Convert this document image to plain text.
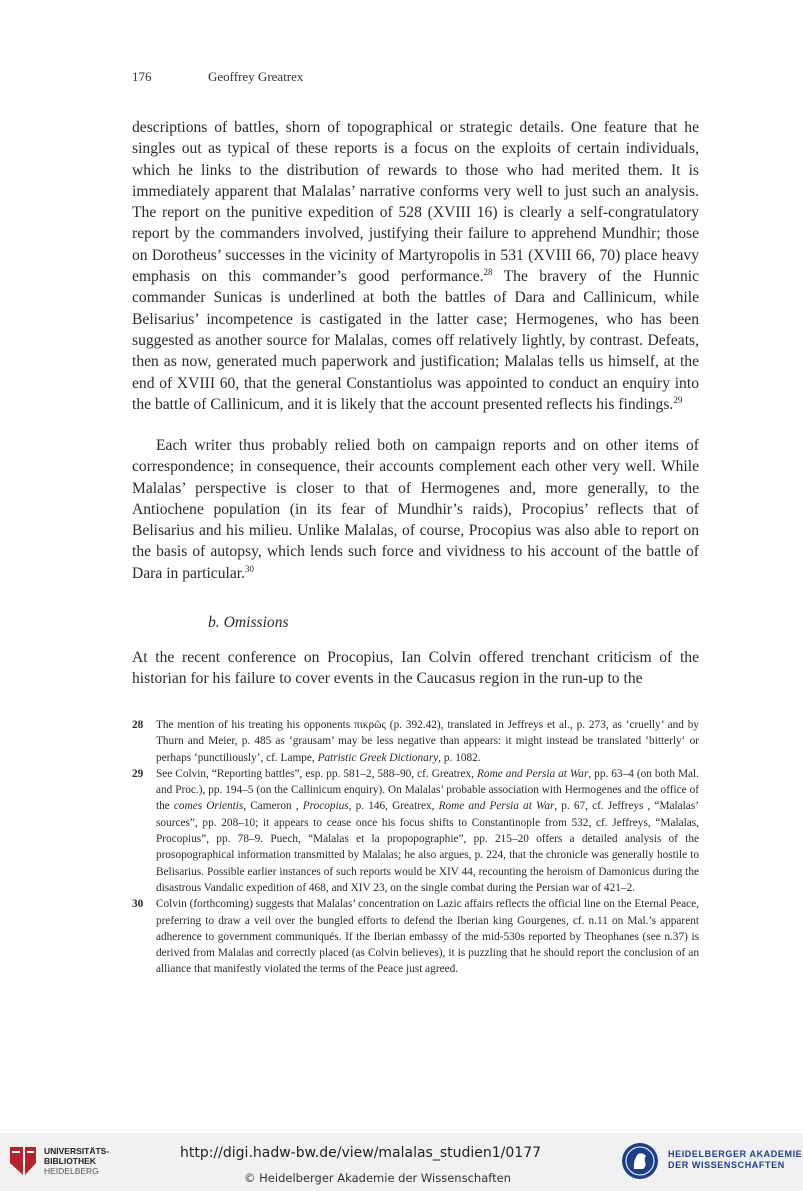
176	Geoffrey Greatrex

descriptions of battles, shorn of topographical or strategic details. One feature that he singles out as typical of these reports is a focus on the exploits of certain individuals, which he links to the distribution of rewards to those who had merited them. It is immediately apparent that Malalas’ narrative conforms very well to just such an analysis. The report on the punitive expedition of 528 (XVIII 16) is clearly a self-congratulatory report by the commanders involved, justifying their failure to apprehend Mundhir; those on Dorotheus’ successes in the vicinity of Martyropolis in 531 (XVIII 66, 70) place heavy emphasis on this commander’s good performance.$^{28}$ The bravery of the Hunnic commander Sunicas is underlined at both the battles of Dara and Callinicum, while Belisarius’ incompetence is castigated in the latter case; Hermogenes, who has been suggested as another source for Malalas, comes off relatively lightly, by contrast. Defeats, then as now, generated much paperwork and justification; Malalas tells us himself, at the end of XVIII 60, that the general Constantiolus was appointed to conduct an enquiry into the battle of Callinicum, and it is likely that the account presented reflects his findings.$^{29}$

Each writer thus probably relied both on campaign reports and on other items of correspondence; in consequence, their accounts complement each other very well. While Malalas’ perspective is closer to that of Hermogenes and, more generally, to the Antiochene population (in its fear of Mundhir’s raids), Procopius’ reflects that of Belisarius and his milieu. Unlike Malalas, of course, Procopius was also able to report on the basis of autopsy, which lends such force and vividness to his account of the battle of Dara in particular.$^{30}$

b. Omissions

At the recent conference on Procopius, Ian Colvin offered trenchant criticism of the historian for his failure to cover events in the Caucasus region in the run-up to the

28 The mention of his treating his opponents πικρῶς (p. 392.42), translated in Jeffreys et al., p. 273, as ‘cruelly’ and by Thurn and Meier, p. 485 as ‘grausam’ may be less negative than appears: it might instead be translated ‘bitterly‘ or perhaps ‘punctiliously’, cf. Lampe, Patristic Greek Dictionary, p. 1082.

29 See Colvin, “Reporting battles”, esp. pp. 581–2, 588–90, cf. Greatrex, Rome and Persia at War, pp. 63–4 (on both Mal. and Proc.), pp. 194–5 (on the Callinicum enquiry). On Malalas’ probable association with Hermogenes and the office of the comes Orientis, Cameron , Procopius, p. 146, Greatrex, Rome and Persia at War, p. 67, cf. Jeffreys , “Malalas’ sources”, pp. 208–10; it appears to cease once his focus shifts to Constantinople from 532, cf. Jeffreys, “Malalas, Procopius”, pp. 78–9. Puech, “Malalas et la propopographie”, pp. 215–20 offers a detailed analysis of the prosopographical information transmitted by Malalas; he also argues, p. 224, that the chronicle was generally hostile to Belisarius. Possible earlier instances of such reports would be XIV 44, recounting the heroism of Damonicus during the disastrous Vandalic expedition of 468, and XIV 23, on the single combat during the Persian war of 421–2.

30 Colvin (forthcoming) suggests that Malalas’ concentration on Lazic affairs reflects the official line on the Eternal Peace, preferring to draw a veil over the bungled efforts to defend the Iberian king Gourgenes, cf. n.11 on Mal.’s apparent adherence to government communiqués. If the Iberian embassy of the mid-530s reported by Theophanes (see n.37) is derived from Malalas and correctly placed (as Colvin believes), it is puzzling that he should report the conclusion of an alliance that manifestly violated the terms of the Peace just agreed.

UNIVERSITÄTS-
BIBLIOTHEK
HEIDELBERG
http://digi.hadw-bw.de/view/malalas_studien1/0177
© Heidelberger Akademie der Wissenschaften
HEIDELBERGER AKADEMIE
DER WISSENSCHAFTEN
